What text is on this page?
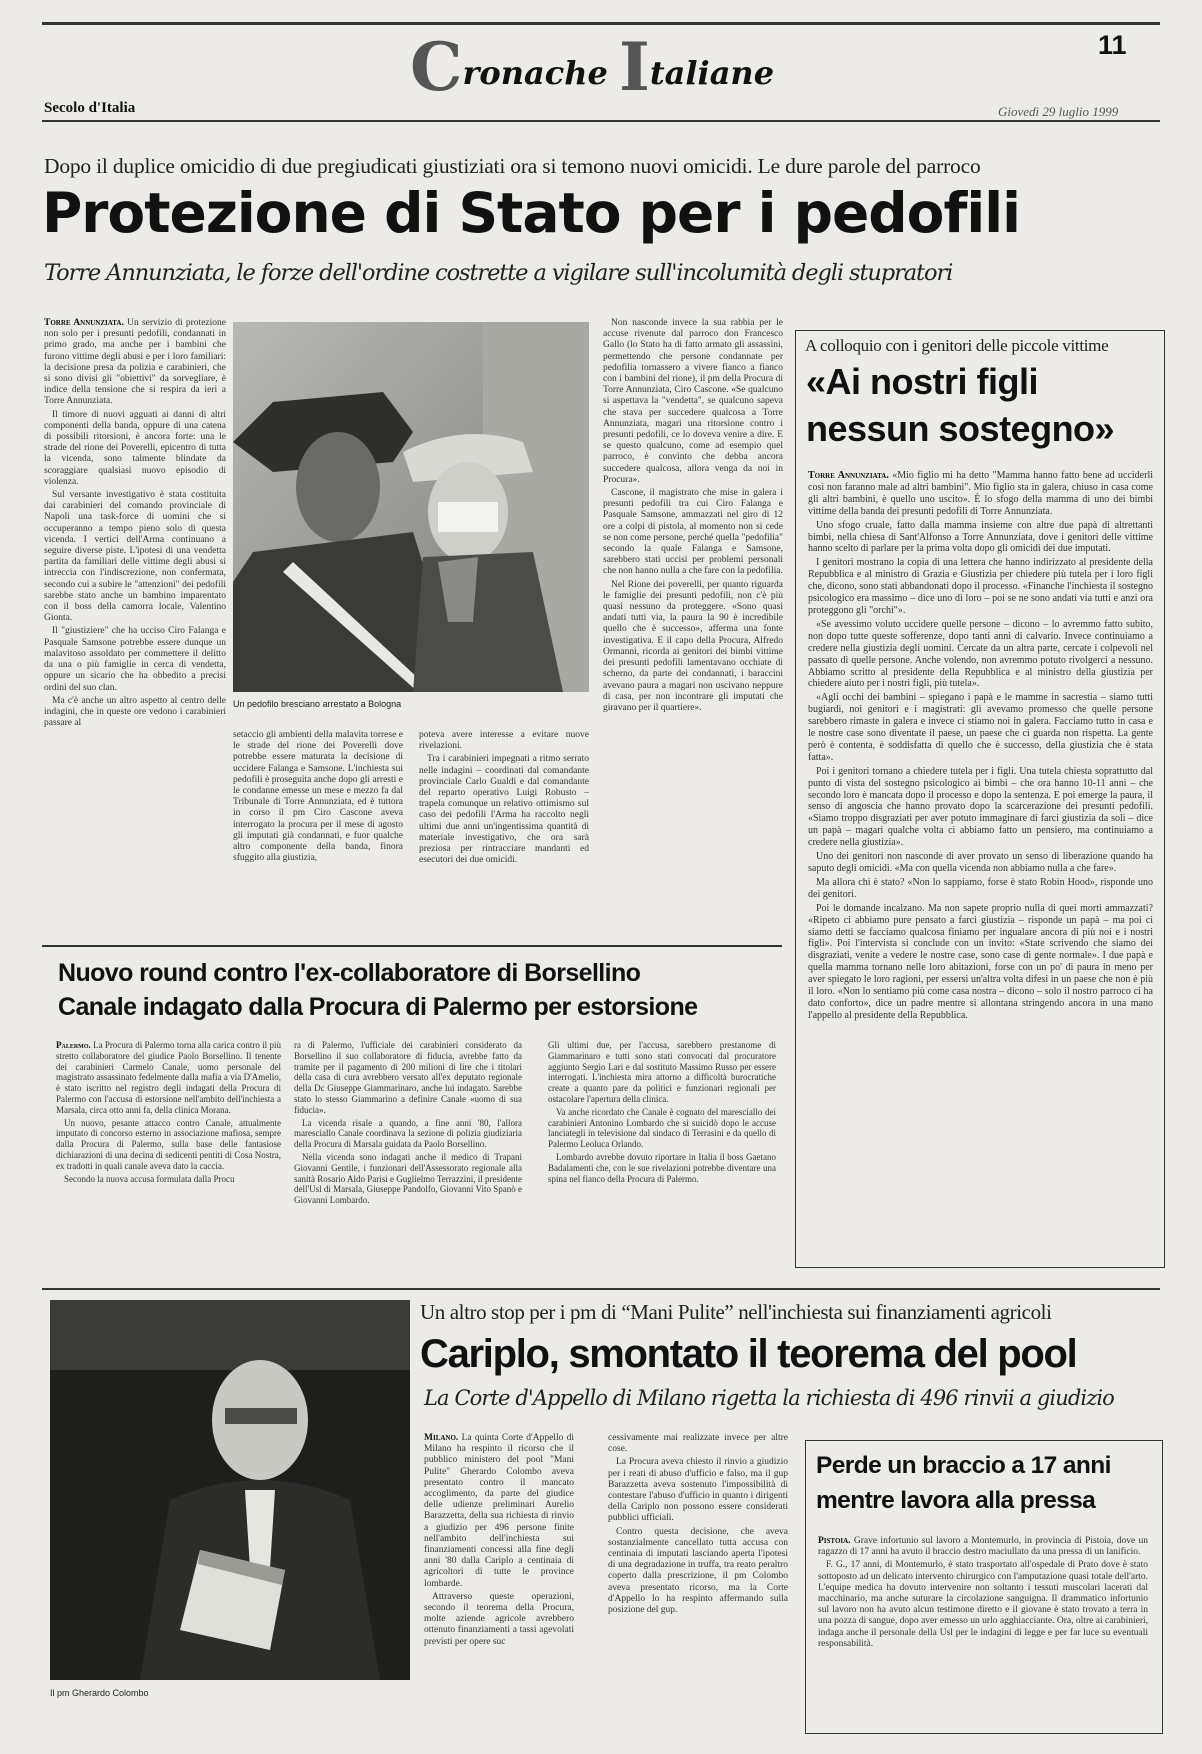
Cronache Italiane
11
Secolo d'Italia	Giovedì 29 luglio 1999
Dopo il duplice omicidio di due pregiudicati giustiziati ora si temono nuovi omicidi. Le dure parole del parroco
Protezione di Stato per i pedofili
Torre Annunziata, le forze dell'ordine costrette a vigilare sull'incolumità degli stupratori

Torre Annunziata. Un servizio di protezione non solo per i presunti pedofili, condannati in primo grado, ma anche per i bambini che furono vittime degli abusi e per i loro familiari: la decisione presa da polizia e carabinieri, che si sono divisi gli "obiettivi" da sorvegliare, è indice della tensione che si respira da ieri a Torre Annunziata.

Il timore di nuovi agguati ai danni di altri componenti della banda, oppure di una catena di possibili ritorsioni, è ancora forte: una le strade del rione dei Poverelli, epicentro di tutta la vicenda, sono talmente blindate da scoraggiare qualsiasi nuovo episodio di violenza.

Sul versante investigativo è stata costituita dai carabinieri del comando provinciale di Napoli una task-force di uomini che si occuperanno a tempo pieno solo di questa vicenda. I vertici dell'Arma continuano a seguire diverse piste. L'ipotesi di una vendetta partita da familiari delle vittime degli abusi si intreccia con l'indiscrezione, non confermata, secondo cui a subire le "attenzioni" dei pedofili sarebbe stato anche un bambino imparentato con il boss della camorra locale, Valentino Gionta.

Il "giustiziere" che ha ucciso Ciro Falanga e Pasquale Samsone potrebbe essere dunque un malavitoso assoldato per commettere il delitto da una o più famiglie in cerca di vendetta, oppure un sicario che ha obbedito a precisi ordini del suo clan.

Ma c'è anche un altro aspetto al centro delle indagini, che in queste ore vedono i carabinieri passare al

Un pedofilo bresciano arrestato a Bologna

setaccio gli ambienti della malavita torrese e le strade del rione dei Poverelli dove potrebbe essere maturata la decisione di uccidere Falanga e Samsone. L'inchiesta sui pedofili è proseguita anche dopo gli arresti e le condanne emesse un mese e mezzo fa dal Tribunale di Torre Annunziata, ed è tuttora in corso il pm Ciro Cascone aveva interrogato la procura per il mese di agosto gli imputati già condannati, e fuor qualche altro componente della banda, finora sfuggito alla giustizia,

poteva avere interesse a evitare nuove rivelazioni.

Tra i carabinieri impegnati a ritmo serrato nelle indagini – coordinati dal comandante provinciale Carlo Gualdi e dal comandante del reparto operativo Luigi Robusto – trapela comunque un relativo ottimismo sul caso dei pedofili l'Arma ha raccolto negli ultimi due anni un'ingentissima quantità di materiale investigativo, che ora sarà preziosa per rintracciare mandanti ed esecutori dei due omicidi.

Non nasconde invece la sua rabbia per le accuse rivenute dal parroco don Francesco Gallo (lo Stato ha di fatto armato gli assassini, permettendo che persone condannate per pedofilia tornassero a vivere fianco a fianco con i bambini del rione), il pm della Procura di Torre Annunziata, Ciro Cascone. «Se qualcuno si aspettava la "vendetta", se qualcuno sapeva che stava per succedere qualcosa a Torre Annunziata, magari una ritorsione contro i presunti pedofili, ce lo doveva venire a dire. E se questo qualcuno, come ad esempio quel parroco, è convinto che debba ancora succedere qualcosa, allora venga da noi in Procura».

Cascone, il magistrato che mise in galera i presunti pedofili tra cui Ciro Falanga e Pasquale Samsone, ammazzati nel giro di 12 ore a colpi di pistola, al momento non si cede se non come persone, perché quella "pedofilia" secondo la quale Falanga e Samsone, sarebbero stati uccisi per problemi personali che non hanno nulla a che fare con la pedofilia.

Nel Rione dei poverelli, per quanto riguarda le famiglie dei presunti pedofili, non c'è più quasi nessuno da proteggere. «Sono quasi andati tutti via, la paura la 90 è incredibile quello che è successo», afferma una fonte investigativa. E il capo della Procura, Alfredo Ormanni, ricorda ai genitori dei bimbi vittime dei presunti pedofili lamentavano occhiate di scherno, da parte dei condannati, i baraccini avevano paura a magari non uscivano neppure di casa, per non incontrare gli imputati che giravano per il quartiere».

A colloquio con i genitori delle piccole vittime
«Ai nostri figli nessun sostegno»

Torre Annunziata. «Mio figlio mi ha detto "Mamma hanno fatto bene ad ucciderli così non faranno male ad altri bambini". Mio figlio sta in galera, chiuso in casa come gli altri bambini, è quello uno uscito». È lo sfogo della mamma di uno dei bimbi vittime della banda dei presunti pedofili di Torre Annunziata.

Uno sfogo cruale, fatto dalla mamma insieme con altre due papà di altrettanti bimbi, nella chiesa di Sant'Alfonso a Torre Annunziata, dove i genitori delle vittime hanno scelto di parlare per la prima volta dopo gli omicidi dei due imputati.

I genitori mostrano la copia di una lettera che hanno indirizzato al presidente della Repubblica e al ministro di Grazia e Giustizia per chiedere più tutela per i loro figli che, dicono, sono stati abbandonati dopo il processo. «Finanche l'inchiesta il sostegno psicologico era massimo – dice uno di loro – poi se ne sono andati via tutti e anzi ora proteggono gli "orchi"».

«Se avessimo voluto uccidere quelle persone – dicono – lo avremmo fatto subito, non dopo tutte queste sofferenze, dopo tanti anni di calvario. Invece continuiamo a credere nella giustizia degli uomini. Cercate da un altra parte, cercate i colpevoli nel passato di quelle persone. Anche volendo, non avremmo potuto rivolgerci a nessuno. Abbiamo scritto al presidente della Repubblica e al ministro della giustizia per chiedere aiuto per i nostri figli, più tutela».

«Agli occhi dei bambini – spiegano i papà e le mamme in sacrestia – siamo tutti bugiardi, noi genitori e i magistrati: gli avevamo promesso che quelle persone sarebbero rimaste in galera e invece ci stiamo noi in galera. Facciamo tutto in casa e le nostre case sono diventate il paese, un paese che ci guarda non rispetta. La gente però è contenta, è soddisfatta di quello che è successo, della giustizia che è stata fatta».

Poi i genitori tornano a chiedere tutela per i figli. Una tutela chiesta soprattutto dal punto di vista del sostegno psicologico ai bimbi – che ora hanno 10-11 anni – che secondo loro è mancata dopo il processo e dopo la sentenza. E poi emerge la paura, il senso di angoscia che hanno provato dopo la scarcerazione dei presunti pedofili. «Siamo troppo disgraziati per aver potuto immaginare di farci giustizia da soli – dice un papà – magari qualche volta ci abbiamo fatto un pensiero, ma continuiamo a credere nella giustizia».

Uno dei genitori non nasconde di aver provato un senso di liberazione quando ha saputo degli omicidi. «Ma con quella vicenda non abbiamo nulla a che fare».

Ma allora chi è stato? «Non lo sappiamo, forse è stato Robin Hood», risponde uno dei genitori.

Poi le domande incalzano. Ma non sapete proprio nulla di quei morti ammazzati? «Ripeto ci abbiamo pure pensato a farci giustizia – risponde un papà – ma poi ci siamo detti se facciamo qualcosa finiamo per ingualare ancora di più noi e i nostri figli». Poi l'intervista si conclude con un invito: «State scrivendo che siamo dei disgraziati, venite a vedere le nostre case, sono case di gente normale». I due papà e quella mamma tornano nelle loro abitazioni, forse con un po' di paura in meno per aver spiegato le loro ragioni, per essersi un'altra volta difesi in un paese che non è più il loro. «Non lo sentiamo più come casa nostra – dicono – solo il nostro parroco ci ha dato conforto», dice un padre mentre si allontana stringendo ancora in una mano l'appello al presidente della Repubblica.

Nuovo round contro l'ex-collaboratore di Borsellino
Canale indagato dalla Procura di Palermo per estorsione

Palermo. La Procura di Palermo torna alla carica contro il più stretto collaboratore del giudice Paolo Borsellino. Il tenente dei carabinieri Carmelo Canale, uomo personale del magistrato assassinato fedelmente dalla mafia a via D'Amelio, è stato iscritto nel registro degli indagati della Procura di Palermo con l'accusa di estorsione nell'ambito dell'inchiesta a Marsala, circa otto anni fa, della clinica Morana.

Un nuovo, pesante attacco contro Canale, attualmente imputato di concorso esterno in associazione mafiosa, sempre dalla Procura di Palermo, sulla base delle fantasiose dichiarazioni di una decina di sedicenti pentiti di Cosa Nostra, ex tradotti in quali canale aveva dato la caccia.

Secondo la nuova accusa formulata dalla Procu

ra di Palermo, l'ufficiale dei carabinieri considerato da Borsellino il suo collaboratore di fiducia, avrebbe fatto da tramite per il pagamento di 200 milioni di lire che i titolari della casa di cura avrebbero versato all'ex deputato regionale della Dc Giuseppe Giammarinaro, anche lui indagato. Sarebbe stato lo stesso Giammarino a definire Canale «uomo di sua fiducia».

La vicenda risale a quando, a fine anni '80, l'allora maresciallo Canale coordinava la sezione di polizia giudiziaria della Procura di Marsala guidata da Paolo Borsellino.

Nella vicenda sono indagati anche il medico di Trapani Giovanni Gentile, i funzionari dell'Assessorato regionale alla sanità Rosario Aldo Parisi e Guglielmo Terrazzini, il presidente dell'Usl di Marsala, Giuseppe Pandolfo, Giovanni Vito Spanò e Giovanni Lombardo.

Gli ultimi due, per l'accusa, sarebbero prestanome di Giammarinaro e tutti sono stati convocati dal procuratore aggiunto Sergio Lari e dal sostituto Massimo Russo per essere interrogati. L'inchiesta mira attorno a difficoltà burocratiche create a quanto pare da politici e funzionari regionali per ostacolare l'apertura della clinica.

Va anche ricordato che Canale è cognato del maresciallo dei carabinieri Antonino Lombardo che si suicidò dopo le accuse lanciategli in televisione dal sindaco di Terrasini e da quello di Palermo Leoluca Orlando.

Lombardo avrebbe dovuto riportare in Italia il boss Gaetano Badalamenti che, con le sue rivelazioni potrebbe diventare una spina nel fianco della Procura di Palermo.

Il pm Gherardo Colombo
Un altro stop per i pm di “Mani Pulite” nell'inchiesta sui finanziamenti agricoli
Cariplo, smontato il teorema del pool
La Corte d'Appello di Milano rigetta la richiesta di 496 rinvii a giudizio

Milano. La quinta Corte d'Appello di Milano ha respinto il ricorso che il pubblico ministero del pool "Mani Pulite" Gherardo Colombo aveva presentato contro il mancato accoglimento, da parte del giudice delle udienze preliminari Aurelio Barazzetta, della sua richiesta di rinvio a giudizio per 496 persone finite nell'ambito dell'inchiesta sui finanziamenti concessi alla fine degli anni '80 dalla Cariplo a centinaia di agricoltori di tutte le province lombarde.

Attraverso queste operazioni, secondo il teorema della Procura, molte aziende agricole avrebbero ottenuto finanziamenti a tassi agevolati previsti per opere suc

cessivamente mai realizzate invece per altre cose.

La Procura aveva chiesto il rinvio a giudizio per i reati di abuso d'ufficio e falso, ma il gup Barazzetta aveva sostenuto l'impossibilità di contestare l'abuso d'ufficio in quanto i dirigenti della Cariplo non possono essere considerati pubblici ufficiali.

Contro questa decisione, che aveva sostanzialmente cancellato tutta accusa con centinaia di imputati lasciando aperta l'ipotesi di una degradazione in truffa, tra reato peraltro coperto dalla prescrizione, il pm Colombo aveva presentato ricorso, ma la Corte d'Appello lo ha respinto affermando sulla posizione del gup.

Perde un braccio a 17 anni mentre lavora alla pressa

Pistoia. Grave infortunio sul lavoro a Montemurlo, in provincia di Pistoia, dove un ragazzo di 17 anni ha avuto il braccio destro maciullato da una pressa di un lanificio.

F. G., 17 anni, di Montemurlo, è stato trasportato all'ospedale di Prato dove è stato sottoposto ad un delicato intervento chirurgico con l'amputazione quasi totale dell'arto. L'equipe medica ha dovuto intervenire non soltanto i tessuti muscolari lacerati dal macchinario, ma anche suturare la circolazione sanguigna. Il drammatico infortunio sul lavoro non ha avuto alcun testimone diretto e il giovane è stato trovato a terra in una pozza di sangue, dopo aver emesso un urlo agghiacciante. Ora, oltre ai carabinieri, indaga anche il personale della Usl per le indagini di legge e per far luce su eventuali responsabilità.
